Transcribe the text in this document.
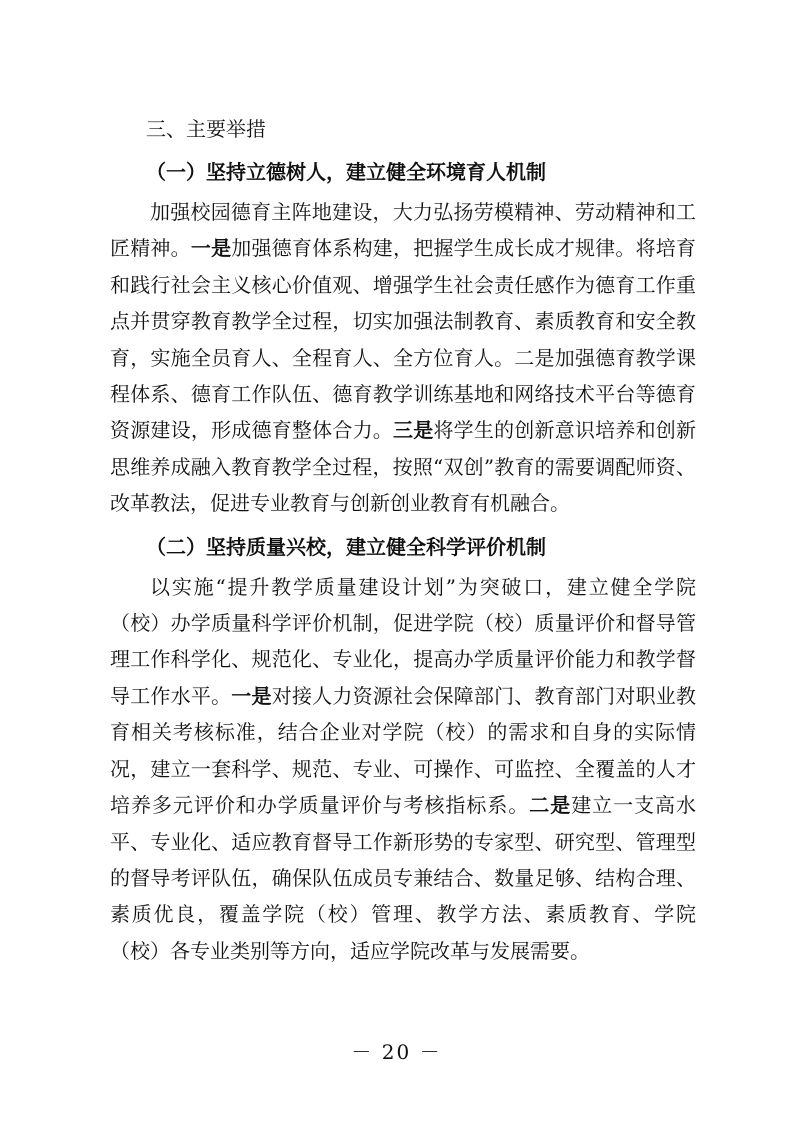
三、主要举措
（一）坚持立德树人，建立健全环境育人机制

加强校园德育主阵地建设，大力弘扬劳模精神、劳动精神和工匠精神。一是加强德育体系构建，把握学生成长成才规律。将培育和践行社会主义核心价值观、增强学生社会责任感作为德育工作重点并贯穿教育教学全过程，切实加强法制教育、素质教育和安全教育，实施全员育人、全程育人、全方位育人。二是加强德育教学课程体系、德育工作队伍、德育教学训练基地和网络技术平台等德育资源建设，形成德育整体合力。三是将学生的创新意识培养和创新思维养成融入教育教学全过程，按照“双创”教育的需要调配师资、改革教法，促进专业教育与创新创业教育有机融合。

（二）坚持质量兴校，建立健全科学评价机制

以实施“提升教学质量建设计划”为突破口，建立健全学院（校）办学质量科学评价机制，促进学院（校）质量评价和督导管理工作科学化、规范化、专业化，提高办学质量评价能力和教学督导工作水平。一是对接人力资源社会保障部门、教育部门对职业教育相关考核标准，结合企业对学院（校）的需求和自身的实际情况，建立一套科学、规范、专业、可操作、可监控、全覆盖的人才培养多元评价和办学质量评价与考核指标系。二是建立一支高水平、专业化、适应教育督导工作新形势的专家型、研究型、管理型的督导考评队伍，确保队伍成员专兼结合、数量足够、结构合理、素质优良，覆盖学院（校）管理、教学方法、素质教育、学院（校）各专业类别等方向，适应学院改革与发展需要。

－ 20 －
